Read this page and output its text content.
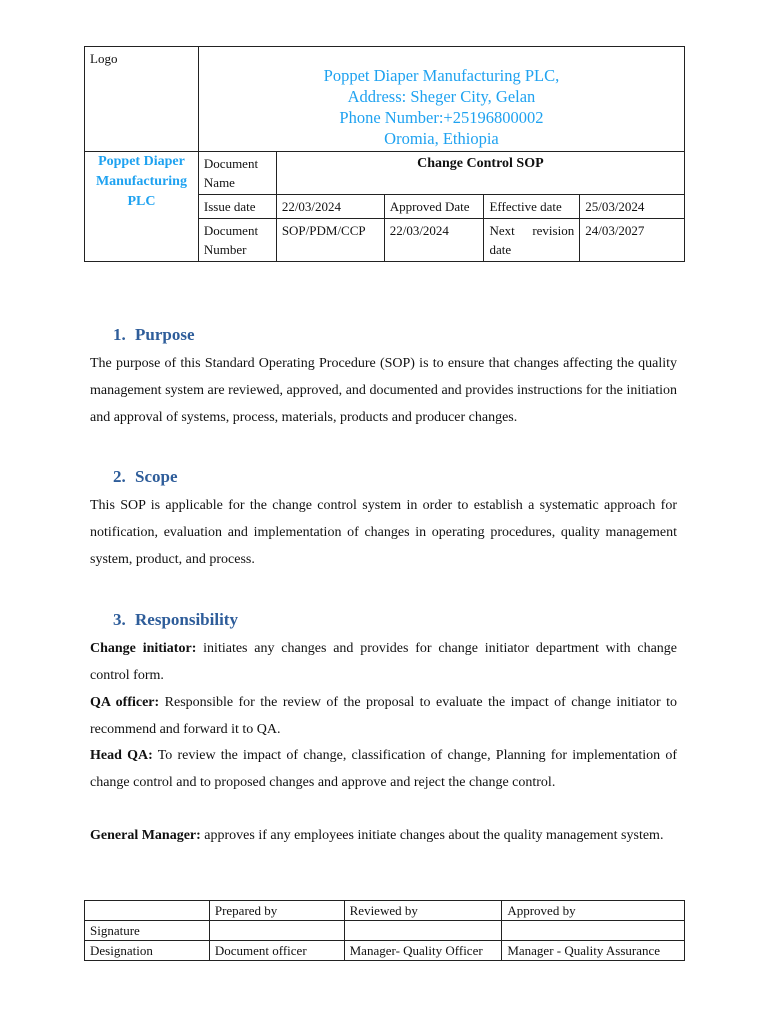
Logo	Poppet Diaper Manufacturing PLC,
Address: Sheger City, Gelan
Phone Number:+25196800002
Oromia, Ethiopia				

Poppet Diaper Manufacturing PLC	Document Name	Change Control SOP			
	Issue date	22/03/2024	Approved Date	Effective date	25/03/2024
	Document Number	SOP/PDM/CCP	22/03/2024	Next revision date	24/03/2027
1. Purpose

The purpose of this Standard Operating Procedure (SOP) is to ensure that changes affecting the quality management system are reviewed, approved, and documented and provides instructions for the initiation and approval of systems, process, materials, products and producer changes.

2. Scope

This SOP is applicable for the change control system in order to establish a systematic approach for notification, evaluation and implementation of changes in operating procedures, quality management system, product, and process.

3. Responsibility

Change initiator: initiates any changes and provides for change initiator department with change control form.

QA officer: Responsible for the review of the proposal to evaluate the impact of change initiator to recommend and forward it to QA.

Head QA: To review the impact of change, classification of change, Planning for implementation of change control and to proposed changes and approve and reject the change control.

General Manager: approves if any employees initiate changes about the quality management system.

	Prepared by	Reviewed by	Approved by
Signature			
Designation	Document officer	Manager- Quality Officer	Manager - Quality Assurance
